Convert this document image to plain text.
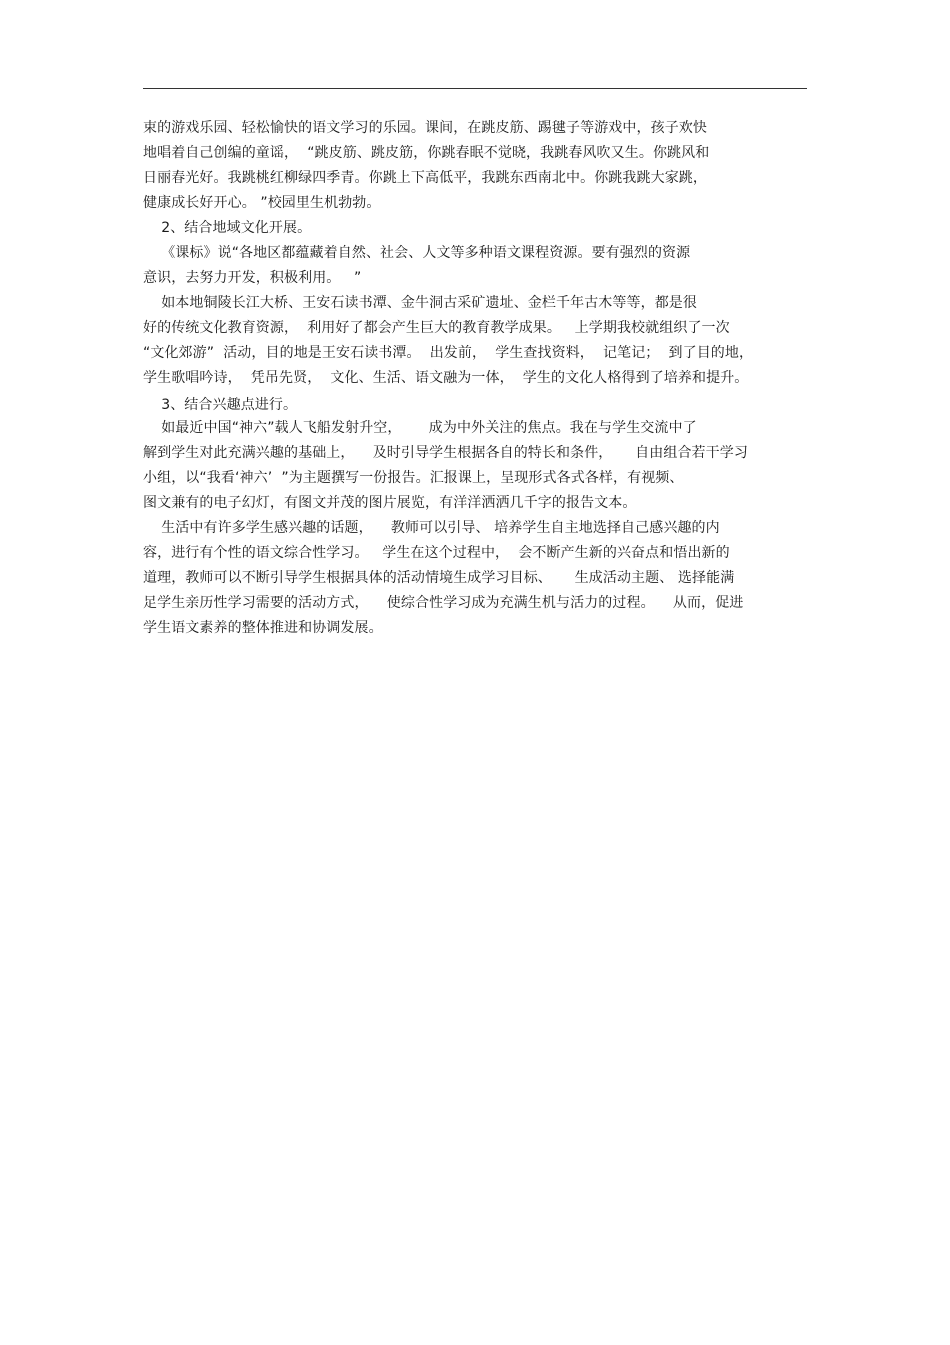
束的游戏乐园、轻松愉快的语文学习的乐园。课间，在跳皮筋、踢毽子等游戏中，孩子欢快
地唱着自己创编的童谣，  “跳皮筋、跳皮筋，你跳春眠不觉晓，我跳春风吹又生。你跳风和
日丽春光好。我跳桃红柳绿四季青。你跳上下高低平，我跳东西南北中。你跳我跳大家跳，
健康成长好开心。 ”校园里生机勃勃。
2、结合地域文化开展。
《课标》说“各地区都蕴藏着自然、社会、人文等多种语文课程资源。要有强烈的资源
意识，去努力开发，积极利用。   ”
如本地铜陵长江大桥、王安石读书潭、金牛洞古采矿遗址、金栏千年古木等等，都是很
好的传统文化教育资源，  利用好了都会产生巨大的教育教学成果。   上学期我校就组织了一次
“文化郊游”  活动，目的地是王安石读书潭。  出发前，  学生查找资料，  记笔记；  到了目的地，
学生歌唱吟诗，  凭吊先贤，  文化、生活、语文融为一体，  学生的文化人格得到了培养和提升。
3、结合兴趣点进行。
如最近中国“神六”载人飞船发射升空，      成为中外关注的焦点。我在与学生交流中了
解到学生对此充满兴趣的基础上，    及时引导学生根据各自的特长和条件，     自由组合若干学习
小组，以“我看‘神六’  ”为主题撰写一份报告。汇报课上，呈现形式各式各样，有视频、
图文兼有的电子幻灯，有图文并茂的图片展览，有洋洋洒洒几千字的报告文本。
生活中有许多学生感兴趣的话题，    教师可以引导、 培养学生自主地选择自己感兴趣的内
容，进行有个性的语文综合性学习。   学生在这个过程中，  会不断产生新的兴奋点和悟出新的
道理，教师可以不断引导学生根据具体的活动情境生成学习目标、     生成活动主题、 选择能满
足学生亲历性学习需要的活动方式，    使综合性学习成为充满生机与活力的过程。    从而，促进
学生语文素养的整体推进和协调发展。
